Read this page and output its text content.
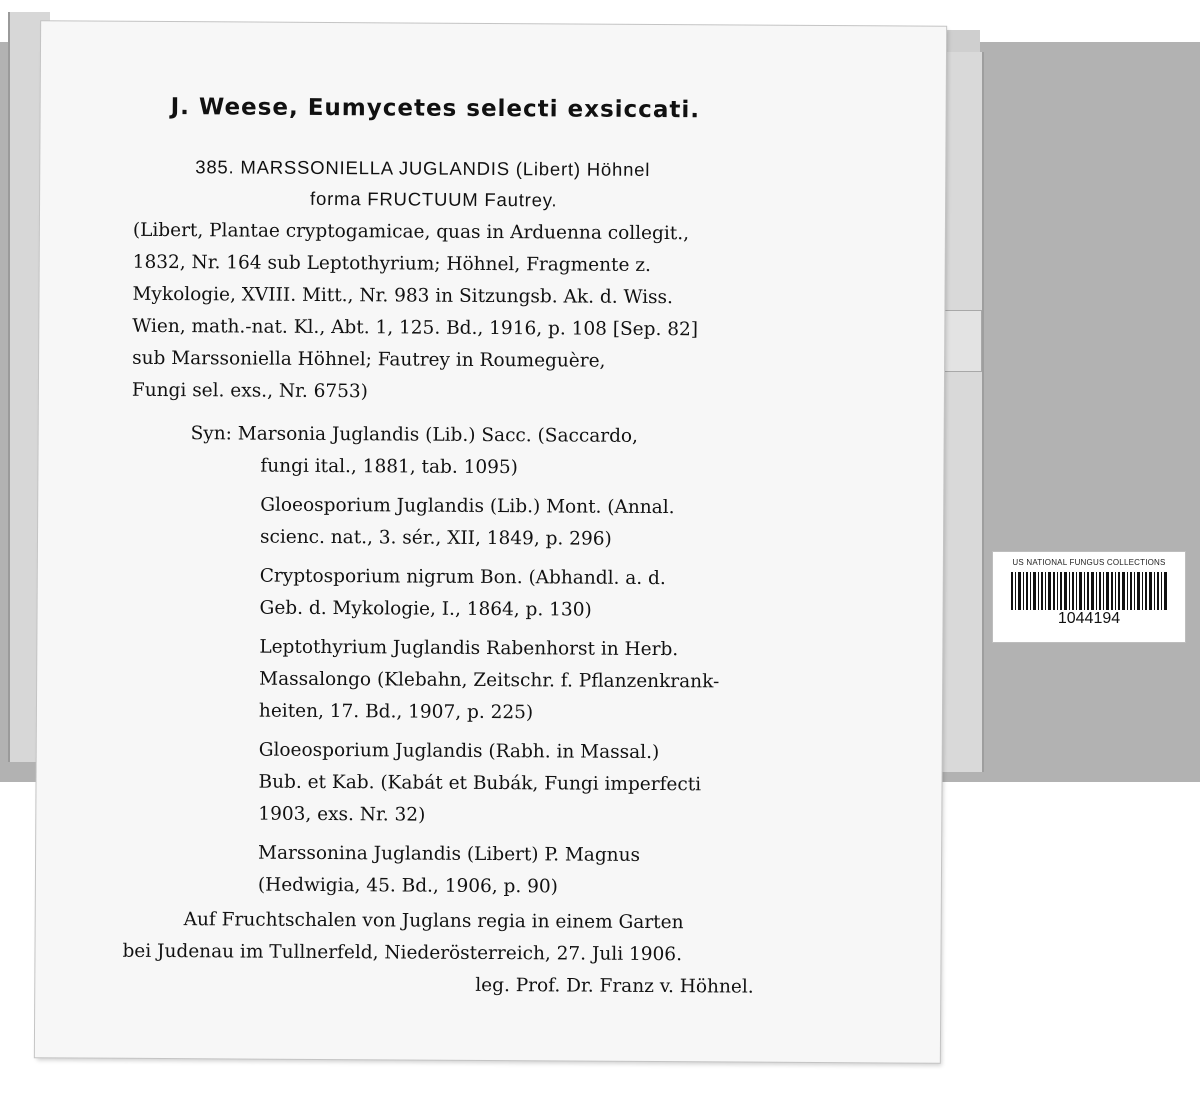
J. Weese, Eumycetes selecti exsiccati.
385. MARSSONIELLA JUGLANDIS (Libert) Höhnel
forma FRUCTUUM Fautrey.
(Libert, Plantae cryptogamicae, quas in Arduenna collegit.,
1832, Nr. 164 sub Leptothyrium; Höhnel, Fragmente z.
Mykologie, XVIII. Mitt., Nr. 983 in Sitzungsb. Ak. d. Wiss.
Wien, math.-nat. Kl., Abt. 1, 125. Bd., 1916, p. 108 [Sep. 82]
sub Marssoniella Höhnel; Fautrey in Roumeguère,
Fungi sel. exs., Nr. 6753)
Syn: Marsonia Juglandis (Lib.) Sacc. (Saccardo,
fungi ital., 1881, tab. 1095)
Gloeosporium Juglandis (Lib.) Mont. (Annal.
scienc. nat., 3. sér., XII, 1849, p. 296)
Cryptosporium nigrum Bon. (Abhandl. a. d.
Geb. d. Mykologie, I., 1864, p. 130)
Leptothyrium Juglandis Rabenhorst in Herb.
Massalongo (Klebahn, Zeitschr. f. Pflanzenkrank-
heiten, 17. Bd., 1907, p. 225)
Gloeosporium Juglandis (Rabh. in Massal.)
Bub. et Kab. (Kabát et Bubák, Fungi imperfecti
1903, exs. Nr. 32)
Marssonina Juglandis (Libert) P. Magnus
(Hedwigia, 45. Bd., 1906, p. 90)
Auf Fruchtschalen von Juglans regia in einem Garten
bei Judenau im Tullnerfeld, Niederösterreich, 27. Juli 1906.
leg. Prof. Dr. Franz v. Höhnel.
US NATIONAL FUNGUS COLLECTIONS
1044194
